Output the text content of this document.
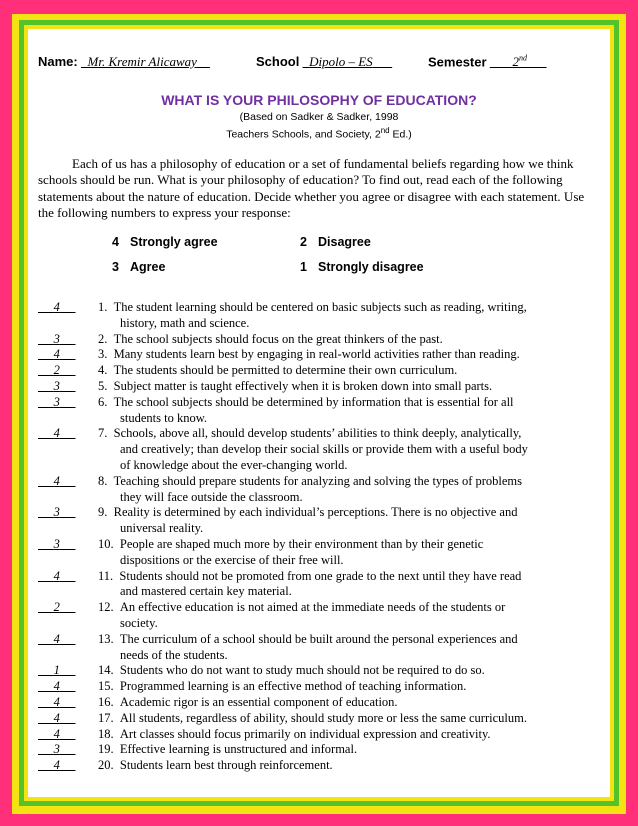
Name: Mr. Kremir Alicaway	School Dipolo – ES	Semester 2nd
WHAT IS YOUR PHILOSOPHY OF EDUCATION?
(Based on Sadker & Sadker, 1998
Teachers Schools, and Society, 2nd Ed.)
Each of us has a philosophy of education or a set of fundamental beliefs regarding how we think schools should be run. What is your philosophy of education? To find out, read each of the following statements about the nature of education. Decide whether you agree or disagree with each statement. Use the following numbers to express your response:
4 Strongly agree	2 Disagree
3 Agree	1 Strongly disagree
4	1.  The student learning should be centered on basic subjects such as reading, writing,
history, math and science.
3	2.  The school subjects should focus on the great thinkers of the past.
4	3.  Many students learn best by engaging in real-world activities rather than reading.
2	4.  The students should be permitted to determine their own curriculum.
3	5.  Subject matter is taught effectively when it is broken down into small parts.
3	6.  The school subjects should be determined by information that is essential for all
students to know.
4	7.  Schools, above all, should develop students’ abilities to think deeply, analytically,
and creatively; than develop their social skills or provide them with a useful body
of knowledge about the ever-changing world.
4	8.  Teaching should prepare students for analyzing and solving the types of problems
they will face outside the classroom.
3	9.  Reality is determined by each individual’s perceptions. There is no objective and
universal reality.
3	10.  People are shaped much more by their environment than by their genetic
dispositions or the exercise of their free will.
4	11.  Students should not be promoted from one grade to the next until they have read
and mastered certain key material.
2	12.  An effective education is not aimed at the immediate needs of the students or
society.
4	13.  The curriculum of a school should be built around the personal experiences and
needs of the students.
1	14.  Students who do not want to study much should not be required to do so.
4	15.  Programmed learning is an effective method of teaching information.
4	16.  Academic rigor is an essential component of education.
4	17.  All students, regardless of ability, should study more or less the same curriculum.
4	18.  Art classes should focus primarily on individual expression and creativity.
3	19.  Effective learning is unstructured and informal.
4	20.  Students learn best through reinforcement.
